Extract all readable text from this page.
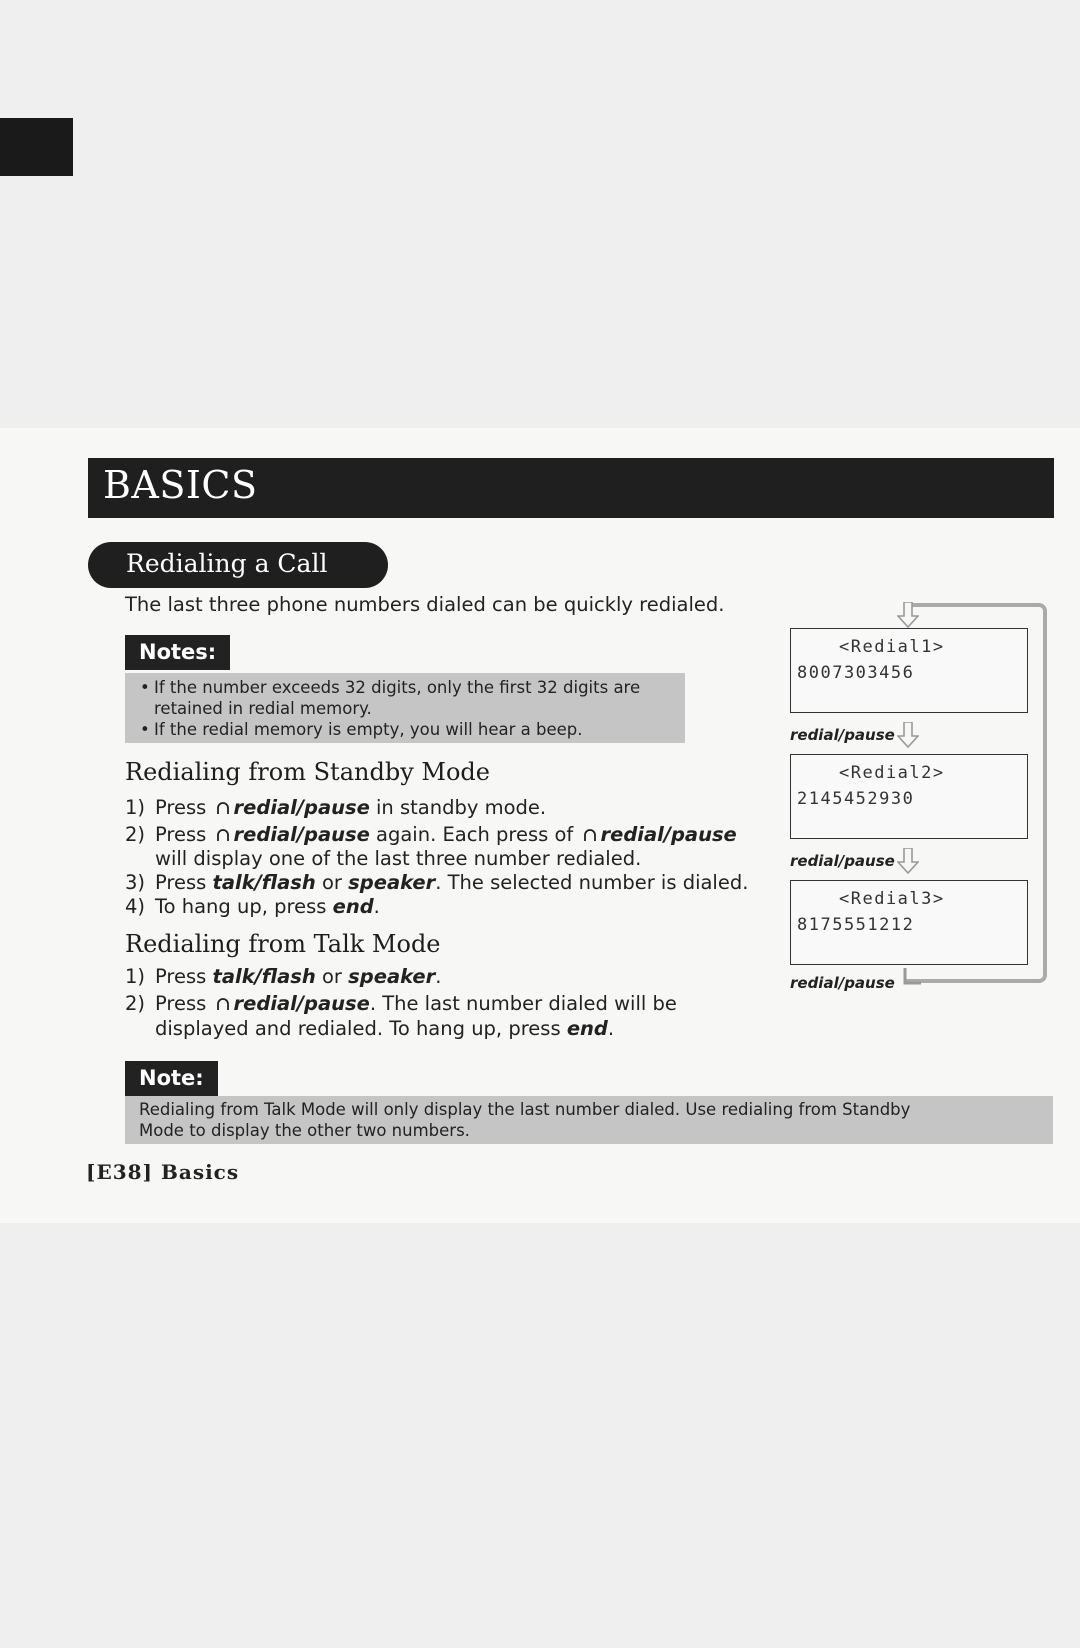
BASICS
Redialing a Call
The last three phone numbers dialed can be quickly redialed.
Notes:
• If the number exceeds 32 digits, only the first 32 digits are
retained in redial memory.
• If the redial memory is empty, you will hear a beep.
Redialing from Standby Mode
1) Press redial/pause in standby mode.
2) Press redial/pause again. Each press of redial/pause
will display one of the last three number redialed.
3) Press talk/flash or speaker. The selected number is dialed.
4) To hang up, press end.
Redialing from Talk Mode
1) Press talk/flash or speaker.
2) Press redial/pause. The last number dialed will be
displayed and redialed. To hang up, press end.
Note:
Redialing from Talk Mode will only display the last number dialed. Use redialing from Standby
Mode to display the other two numbers.
<Redial1>
8007303456
redial/pause
<Redial2>
2145452930
redial/pause
<Redial3>
8175551212
redial/pause
[E38] Basics
